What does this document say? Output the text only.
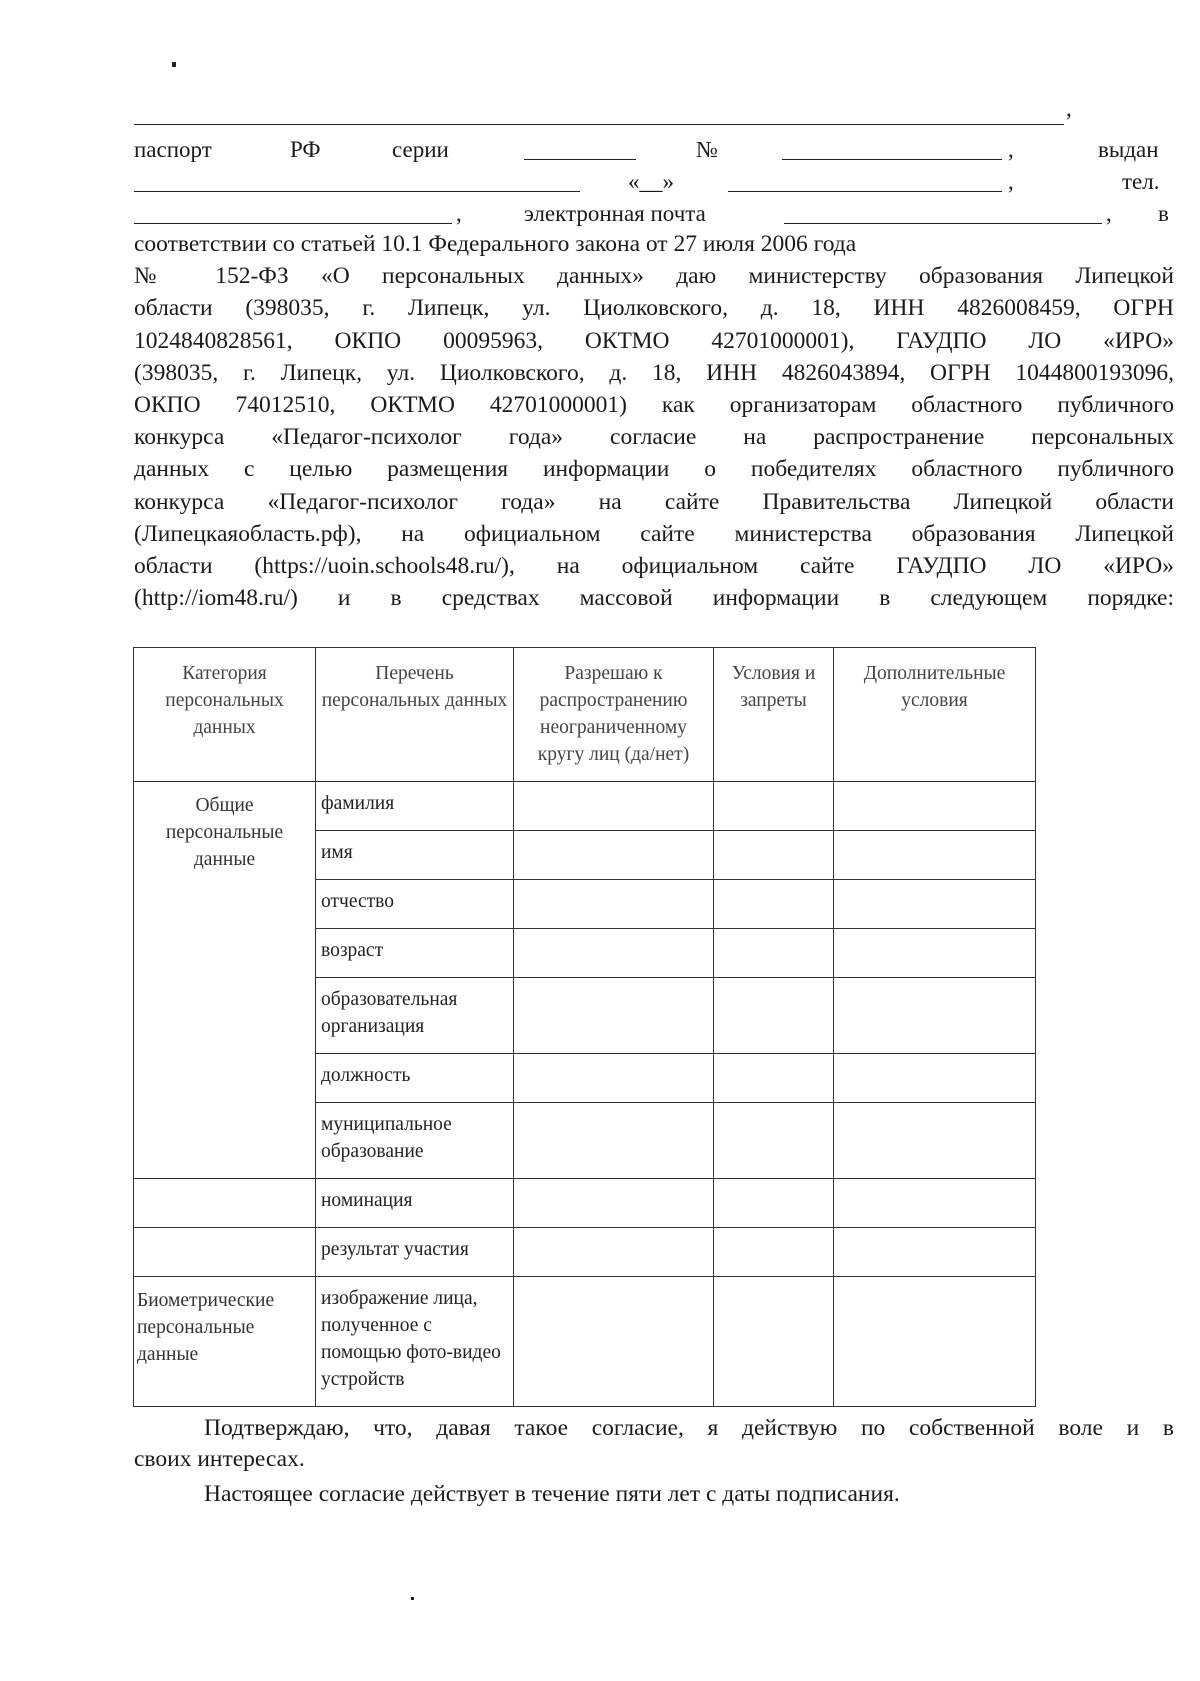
,
паспорт	РФ	серии	№	,	выдан
«__»	,	тел.
,	электронная почта	, в
соответствии со статьей 10.1 Федерального закона от 27 июля 2006 года
№ 152-ФЗ «О персональных данных» даю министерству образования Липецкой
области (398035, г. Липецк, ул. Циолковского, д. 18, ИНН 4826008459, ОГРН
1024840828561, ОКПО 00095963, ОКТМО 42701000001), ГАУДПО ЛО «ИРО»
(398035, г. Липецк, ул. Циолковского, д. 18, ИНН 4826043894, ОГРН 1044800193096,
ОКПО 74012510, ОКТМО 42701000001) как организаторам областного публичного
конкурса «Педагог-психолог года» согласие на распространение персональных
данных с целью размещения информации о победителях областного публичного
конкурса «Педагог-психолог года» на сайте Правительства Липецкой области
(Липецкаяобласть.рф), на официальном сайте министерства образования Липецкой
области (https://uoin.schools48.ru/), на официальном сайте ГАУДПО ЛО «ИРО»
(http://iom48.ru/) и в средствах массовой информации в следующем порядке:
Категория персональных данных	Перечень персональных данных	Разрешаю к распространению неограниченному кругу лиц (да/нет)	Условия и запреты	Дополнительные условия
Общие персональные данные	фамилия			
	имя			
	отчество			
	возраст			
	образовательная организация			
	должность			
	муниципальное образование			
	номинация			
	результат участия			
Биометрические персональные данные	изображение лица, полученное с помощью фото-видео устройств			
Подтверждаю, что, давая такое согласие, я действую по собственной воле и в
своих интересах.
Настоящее согласие действует в течение пяти лет с даты подписания.
